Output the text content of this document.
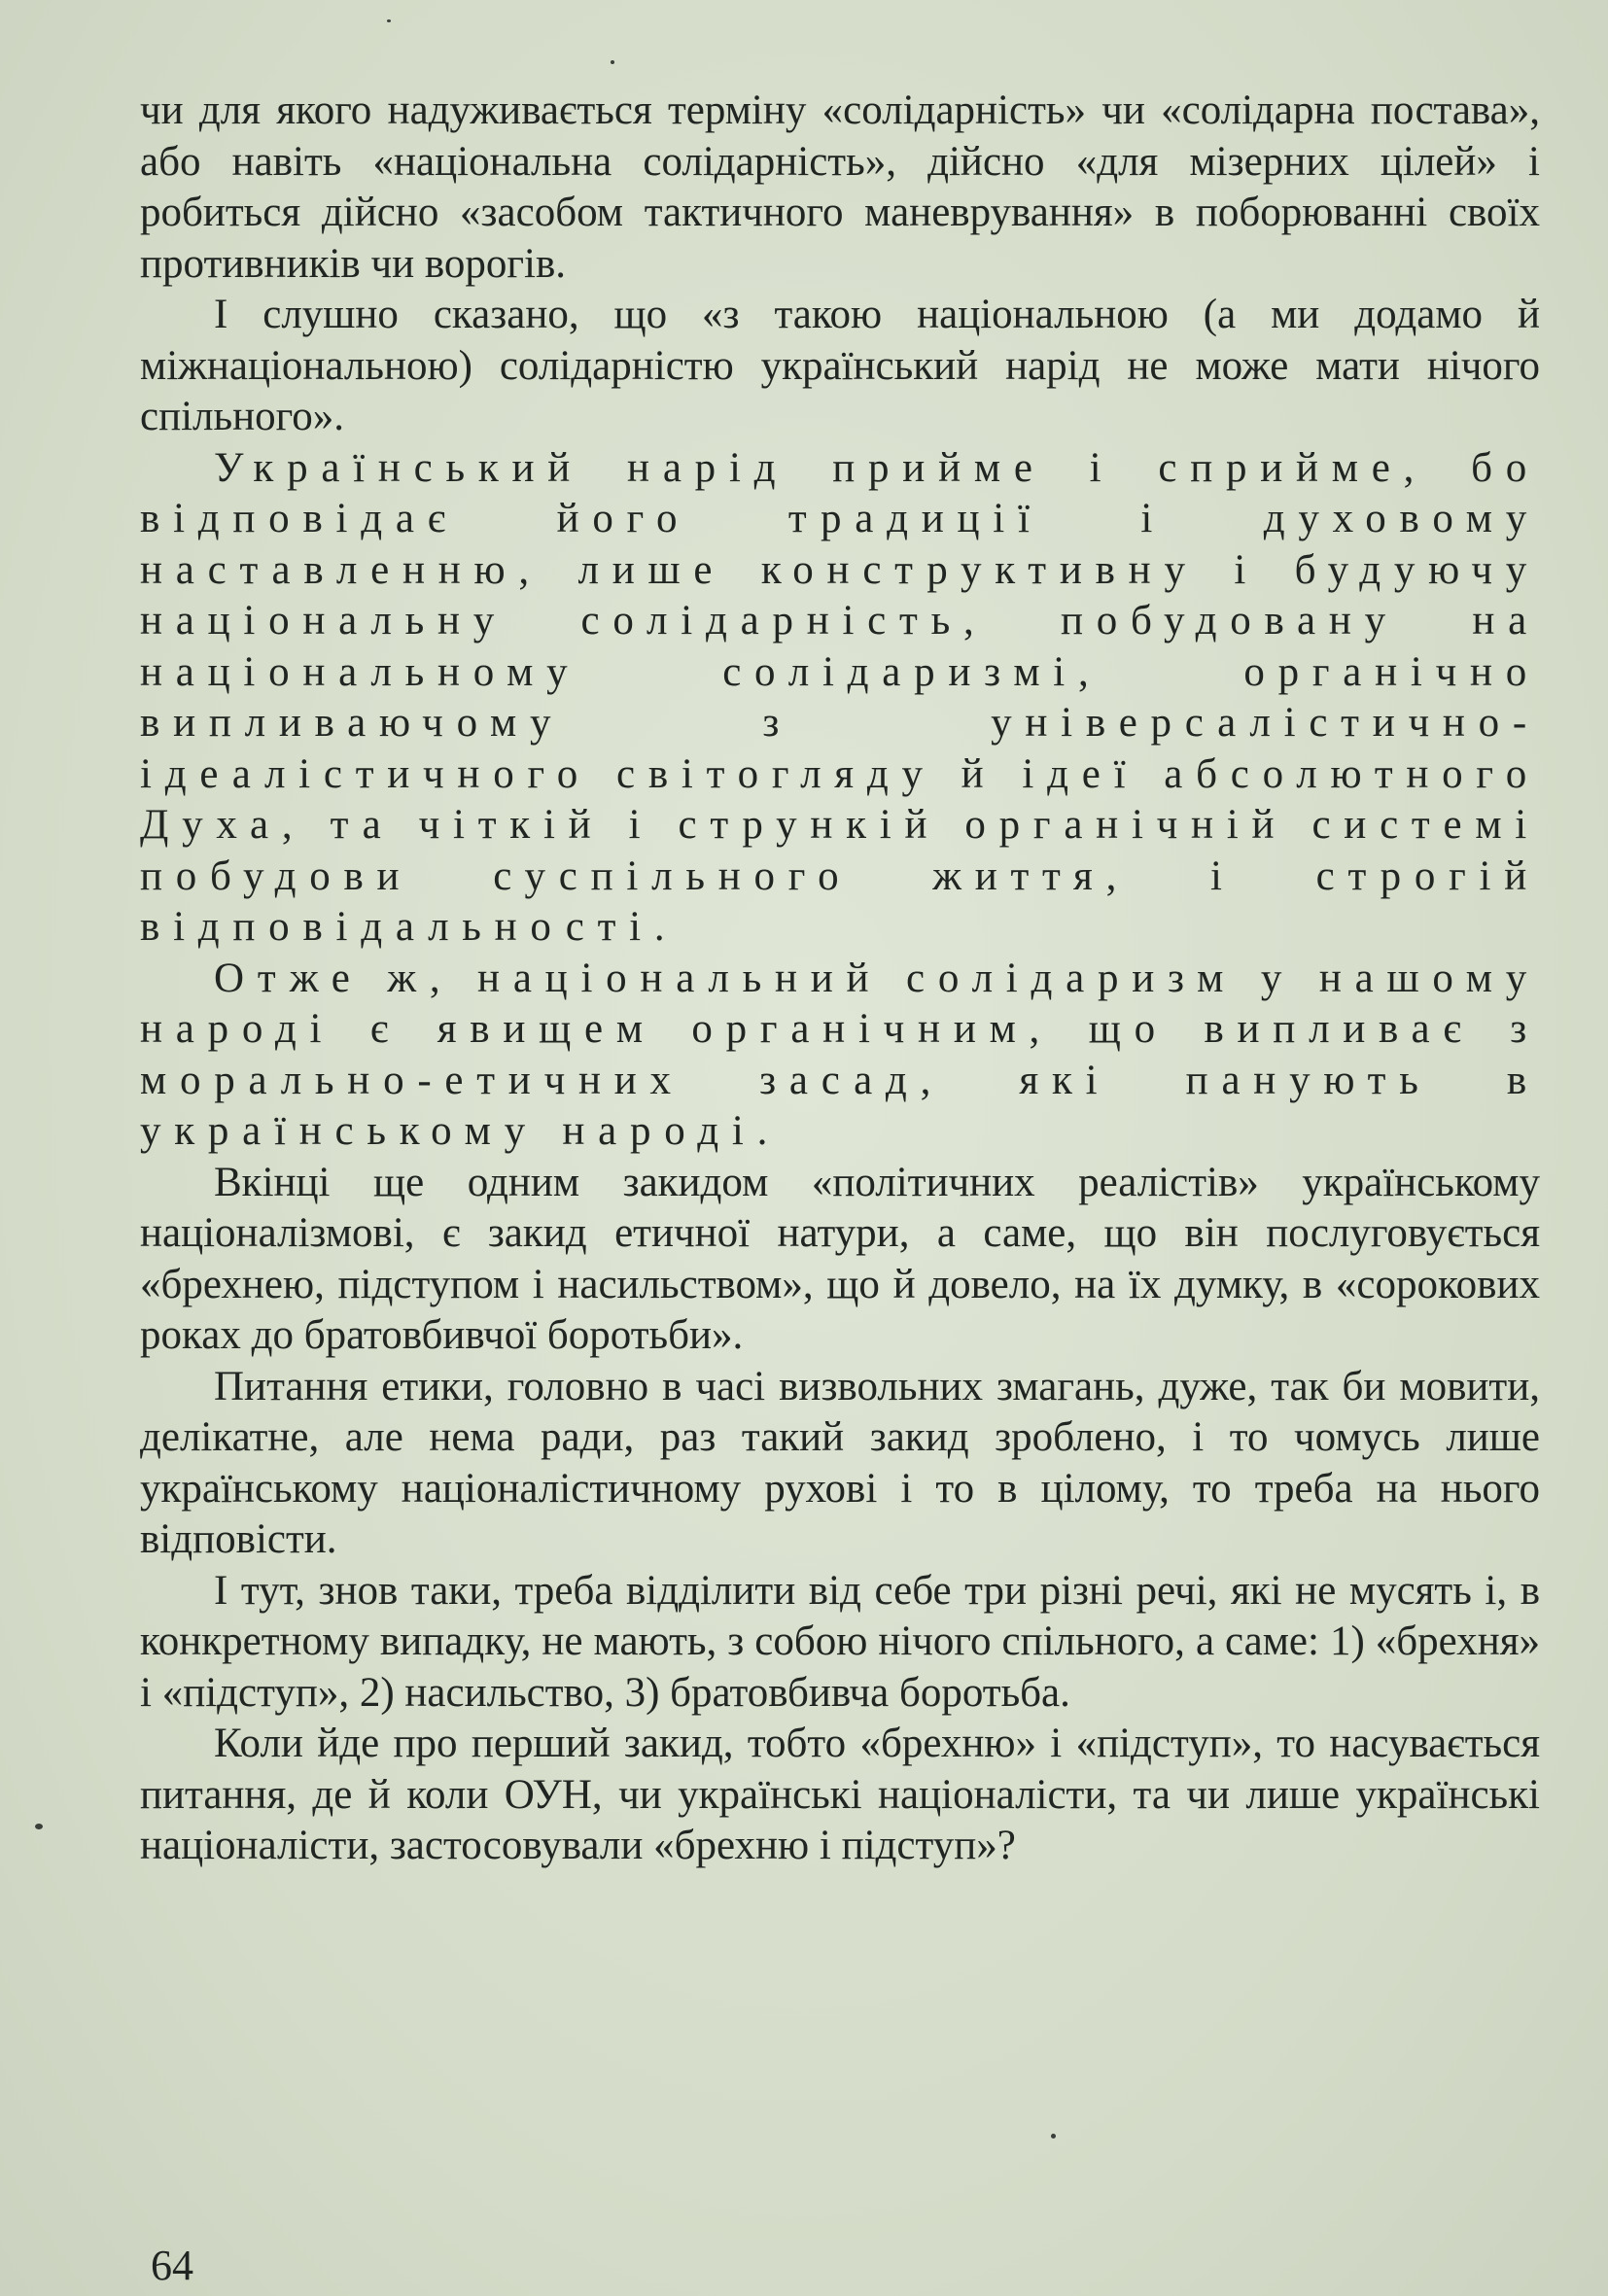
чи для якого надуживається терміну «солідарність» чи «солідарна постава», або навіть «національна солідарність», дійсно «для мізерних цілей» і робиться дійсно «засобом тактичного маневрування» в поборюванні своїх противників чи ворогів.

І слушно сказано, що «з такою національною (а ми додамо й міжнаціональною) солідарністю український нарід не може мати нічого спільного».

Український нарід прийме і сприйме, бо відповідає його традиції і духовому наставленню, лише конструктивну і будуючу національну солідарність, побудовану на національному солідаризмі, органічно випливаючому з універсалістично-ідеалістичного світогляду й ідеї абсолютного Духа, та чіткій і стрункій органічній системі побудови суспільного життя, і строгій відповідальності.

Отже ж, національний солідаризм у нашому народі є явищем органічним, що випливає з морально-етичних засад, які панують в українському народі.

Вкінці ще одним закидом «політичних реалістів» українському націоналізмові, є закид етичної натури, а саме, що він послуговується «брехнею, підступом і насильством», що й довело, на їх думку, в «сорокових роках до братовбивчої боротьби».

Питання етики, головно в часі визвольних змагань, дуже, так би мовити, делікатне, але нема ради, раз такий закид зроблено, і то чомусь лише українському націоналістичному рухові і то в цілому, то треба на нього відповісти.

І тут, знов таки, треба відділити від себе три різні речі, які не мусять і, в конкретному випадку, не мають, з собою нічого спільного, а саме: 1) «брехня» і «підступ», 2) насильство, 3) братовбивча боротьба.

Коли йде про перший закид, тобто «брехню» і «підступ», то насувається питання, де й коли ОУН, чи українські націоналісти, та чи лише українські націоналісти, застосовували «брехню і підступ»?

64
